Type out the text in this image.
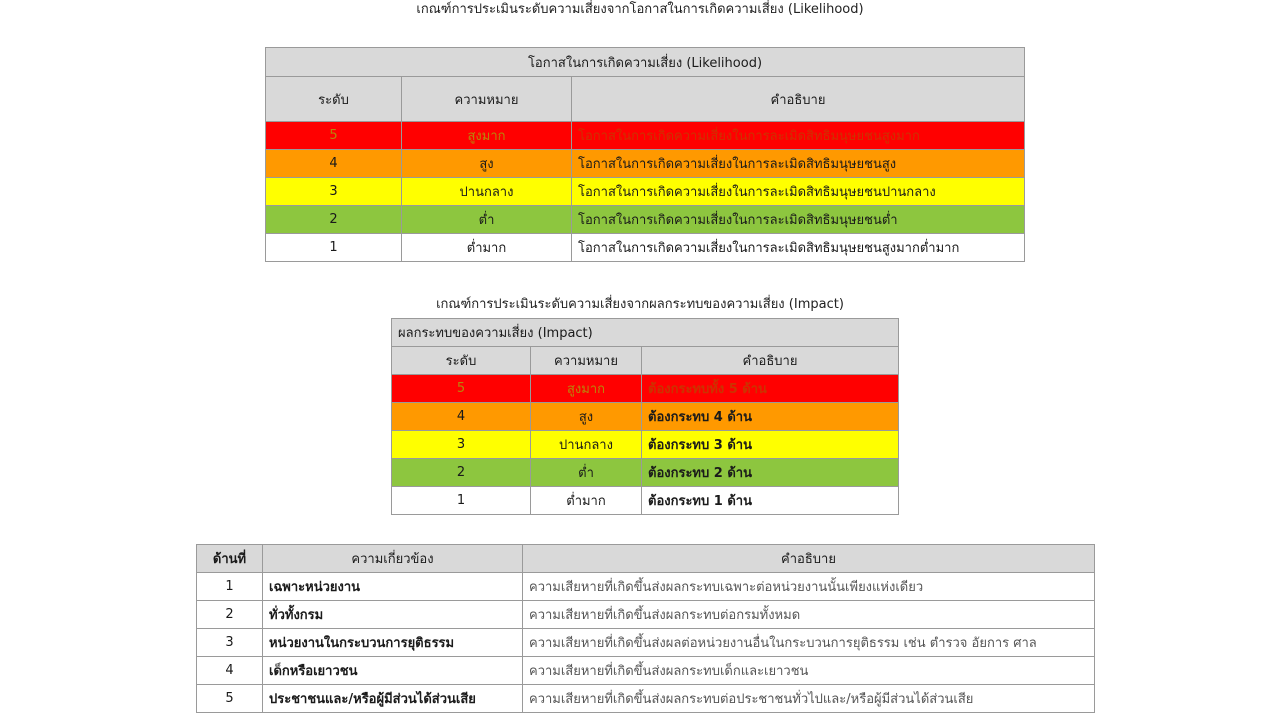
เกณฑ์การประเมินระดับความเสี่ยงจากโอกาสในการเกิดความเสี่ยง (Likelihood)
โอกาสในการเกิดความเสี่ยง (Likelihood)		
ระดับ	ความหมาย	คำอธิบาย
5	สูงมาก	โอกาสในการเกิดความเสี่ยงในการละเมิดสิทธิมนุษยชนสูงมาก
4	สูง	โอกาสในการเกิดความเสี่ยงในการละเมิดสิทธิมนุษยชนสูง
3	ปานกลาง	โอกาสในการเกิดความเสี่ยงในการละเมิดสิทธิมนุษยชนปานกลาง
2	ต่ำ	โอกาสในการเกิดความเสี่ยงในการละเมิดสิทธิมนุษยชนต่ำ
1	ต่ำมาก	โอกาสในการเกิดความเสี่ยงในการละเมิดสิทธิมนุษยชนสูงมากต่ำมาก
เกณฑ์การประเมินระดับความเสี่ยงจากผลกระทบของความเสี่ยง (Impact)
ผลกระทบของความเสี่ยง (Impact)		
ระดับ	ความหมาย	คำอธิบาย
5	สูงมาก	ต้องกระทบทั้ง 5 ด้าน
4	สูง	ต้องกระทบ 4 ด้าน
3	ปานกลาง	ต้องกระทบ 3 ด้าน
2	ต่ำ	ต้องกระทบ 2 ด้าน
1	ต่ำมาก	ต้องกระทบ 1 ด้าน
ด้านที่	ความเกี่ยวข้อง	คำอธิบาย
1	เฉพาะหน่วยงาน	ความเสียหายที่เกิดขึ้นส่งผลกระทบเฉพาะต่อหน่วยงานนั้นเพียงแห่งเดียว
2	ทั่วทั้งกรม	ความเสียหายที่เกิดขึ้นส่งผลกระทบต่อกรมทั้งหมด
3	หน่วยงานในกระบวนการยุติธรรม	ความเสียหายที่เกิดขึ้นส่งผลต่อหน่วยงานอื่นในกระบวนการยุติธรรม เช่น ตำรวจ อัยการ ศาล
4	เด็กหรือเยาวชน	ความเสียหายที่เกิดขึ้นส่งผลกระทบเด็กและเยาวชน
5	ประชาชนและ/หรือผู้มีส่วนได้ส่วนเสีย	ความเสียหายที่เกิดขึ้นส่งผลกระทบต่อประชาชนทั่วไปและ/หรือผู้มีส่วนได้ส่วนเสีย
